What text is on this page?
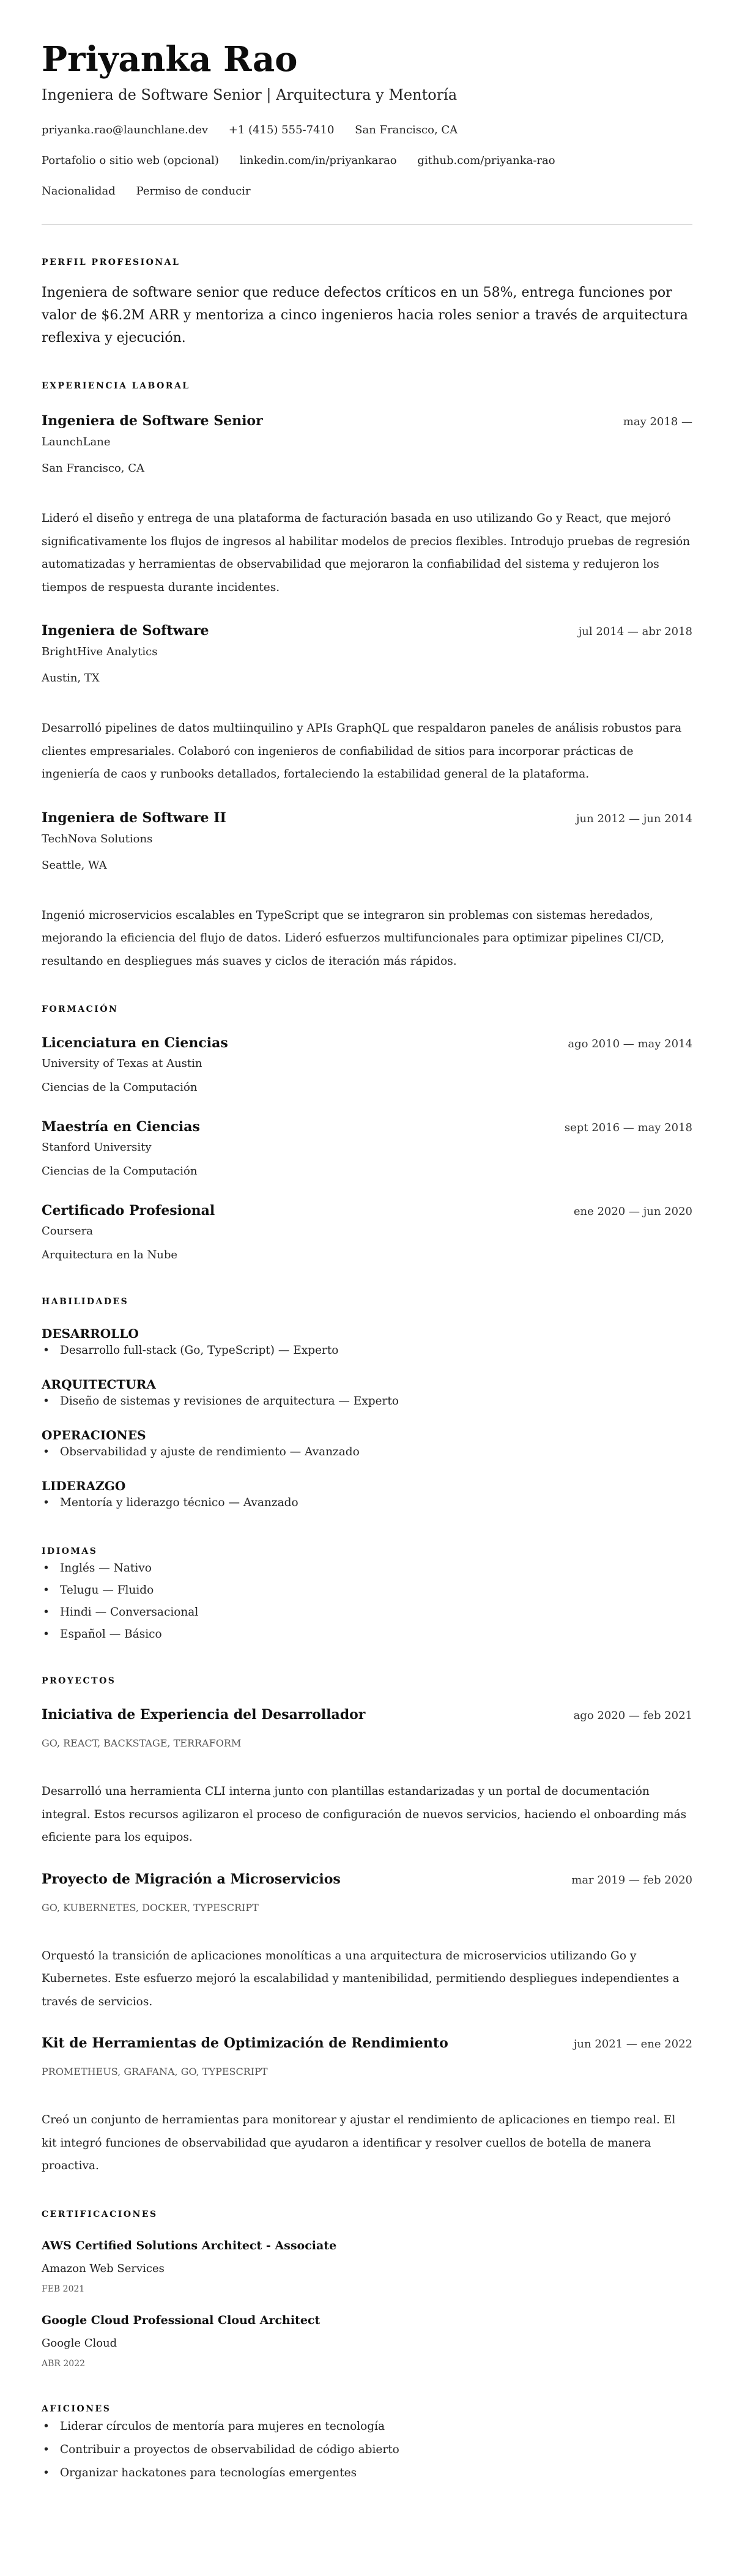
Priyanka Rao
Ingeniera de Software Senior | Arquitectura y Mentoría
priyanka.rao@launchlane.dev +1 (415) 555-7410 San Francisco, CA
Portafolio o sitio web (opcional) linkedin.com/in/priyankarao github.com/priyanka-rao
Nacionalidad Permiso de conducir
PERFIL PROFESIONAL
Ingeniera de software senior que reduce defectos críticos en un 58%, entrega funciones por valor de $6.2M ARR y mentoriza a cinco ingenieros hacia roles senior a través de arquitectura reflexiva y ejecución.
EXPERIENCIA LABORAL
Ingeniera de Software Senior	may 2018 —
LaunchLane
San Francisco, CA
Lideró el diseño y entrega de una plataforma de facturación basada en uso utilizando Go y React, que mejoró significativamente los flujos de ingresos al habilitar modelos de precios flexibles. Introdujo pruebas de regresión automatizadas y herramientas de observabilidad que mejoraron la confiabilidad del sistema y redujeron los tiempos de respuesta durante incidentes.
Ingeniera de Software	jul 2014 — abr 2018
BrightHive Analytics
Austin, TX
Desarrolló pipelines de datos multiinquilino y APIs GraphQL que respaldaron paneles de análisis robustos para clientes empresariales. Colaboró con ingenieros de confiabilidad de sitios para incorporar prácticas de ingeniería de caos y runbooks detallados, fortaleciendo la estabilidad general de la plataforma.
Ingeniera de Software II	jun 2012 — jun 2014
TechNova Solutions
Seattle, WA
Ingenió microservicios escalables en TypeScript que se integraron sin problemas con sistemas heredados, mejorando la eficiencia del flujo de datos. Lideró esfuerzos multifuncionales para optimizar pipelines CI/CD, resultando en despliegues más suaves y ciclos de iteración más rápidos.
FORMACIÓN
Licenciatura en Ciencias	ago 2010 — may 2014
University of Texas at Austin
Ciencias de la Computación
Maestría en Ciencias	sept 2016 — may 2018
Stanford University
Ciencias de la Computación
Certificado Profesional	ene 2020 — jun 2020
Coursera
Arquitectura en la Nube
HABILIDADES
DESARROLLO
• Desarrollo full-stack (Go, TypeScript) — Experto
ARQUITECTURA
• Diseño de sistemas y revisiones de arquitectura — Experto
OPERACIONES
• Observabilidad y ajuste de rendimiento — Avanzado
LIDERAZGO
• Mentoría y liderazgo técnico — Avanzado
IDIOMAS
• Inglés — Nativo
• Telugu — Fluido
• Hindi — Conversacional
• Español — Básico
PROYECTOS
Iniciativa de Experiencia del Desarrollador	ago 2020 — feb 2021
GO, REACT, BACKSTAGE, TERRAFORM
Desarrolló una herramienta CLI interna junto con plantillas estandarizadas y un portal de documentación integral. Estos recursos agilizaron el proceso de configuración de nuevos servicios, haciendo el onboarding más eficiente para los equipos.
Proyecto de Migración a Microservicios	mar 2019 — feb 2020
GO, KUBERNETES, DOCKER, TYPESCRIPT
Orquestó la transición de aplicaciones monolíticas a una arquitectura de microservicios utilizando Go y Kubernetes. Este esfuerzo mejoró la escalabilidad y mantenibilidad, permitiendo despliegues independientes a través de servicios.
Kit de Herramientas de Optimización de Rendimiento	jun 2021 — ene 2022
PROMETHEUS, GRAFANA, GO, TYPESCRIPT
Creó un conjunto de herramientas para monitorear y ajustar el rendimiento de aplicaciones en tiempo real. El kit integró funciones de observabilidad que ayudaron a identificar y resolver cuellos de botella de manera proactiva.
CERTIFICACIONES
AWS Certified Solutions Architect - Associate
Amazon Web Services
FEB 2021
Google Cloud Professional Cloud Architect
Google Cloud
ABR 2022
AFICIONES
• Liderar círculos de mentoría para mujeres en tecnología
• Contribuir a proyectos de observabilidad de código abierto
• Organizar hackatones para tecnologías emergentes
